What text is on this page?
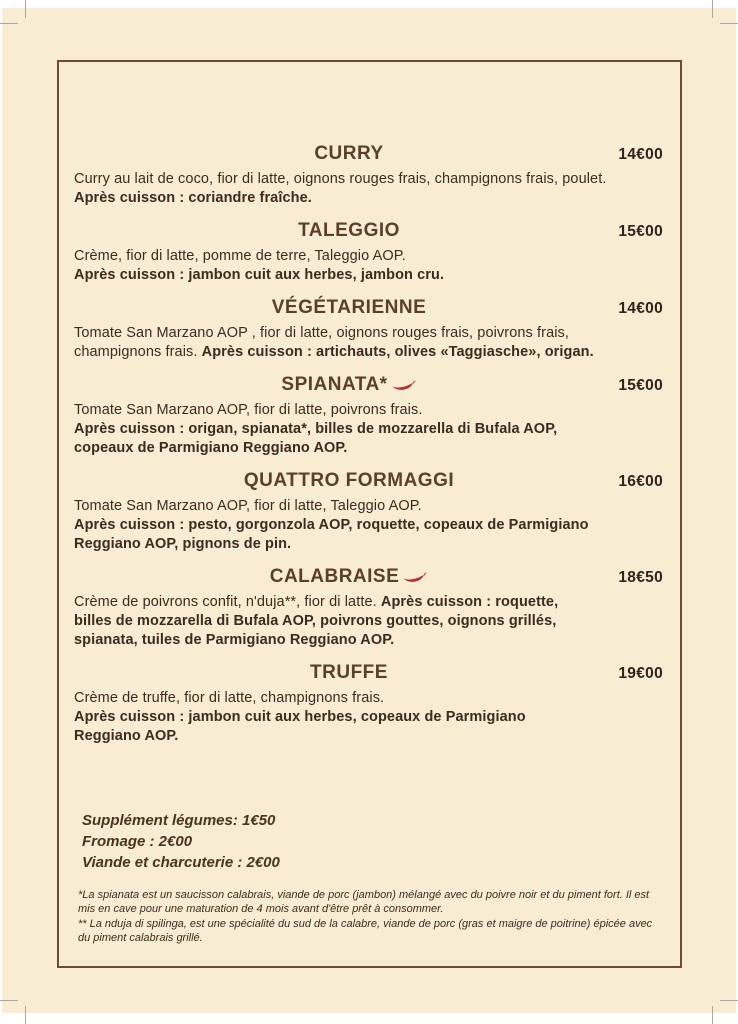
CURRY	14€00
Curry au lait de coco, fior di latte, oignons rouges frais, champignons frais, poulet.
Après cuisson : coriandre fraîche.
TALEGGIO	15€00
Crème, fior di latte, pomme de terre, Taleggio AOP.
Après cuisson : jambon cuit aux herbes, jambon cru.
VÉGÉTARIENNE	14€00
Tomate San Marzano AOP , fior di latte, oignons rouges frais, poivrons frais,
champignons frais. Après cuisson : artichauts, olives «Taggiasche», origan.
SPIANATA*	15€00
Tomate San Marzano AOP, fior di latte, poivrons frais.
Après cuisson : origan, spianata*, billes de mozzarella di Bufala AOP,
copeaux de Parmigiano Reggiano AOP.
QUATTRO FORMAGGI	16€00
Tomate San Marzano AOP, fior di latte, Taleggio AOP.
Après cuisson : pesto, gorgonzola AOP, roquette, copeaux de Parmigiano
Reggiano AOP, pignons de pin.
CALABRAISE	18€50
Crème de poivrons confit, n'duja**, fior di latte. Après cuisson : roquette,
billes de mozzarella di Bufala AOP, poivrons gouttes, oignons grillés,
spianata, tuiles de Parmigiano Reggiano AOP.
TRUFFE	19€00
Crème de truffe, fior di latte, champignons frais.
Après cuisson : jambon cuit aux herbes, copeaux de Parmigiano
Reggiano AOP.
Supplément légumes: 1€50
Fromage : 2€00
Viande et charcuterie : 2€00

*La spianata est un saucisson calabrais, viande de porc (jambon) mélangé avec du poivre noir et du piment fort. Il est mis en cave pour une maturation de 4 mois avant d'être prêt à consommer.

** La nduja di spilinga, est une spécialité du sud de la calabre, viande de porc (gras et maigre de poitrine) épicée avec du piment calabrais grillé.
